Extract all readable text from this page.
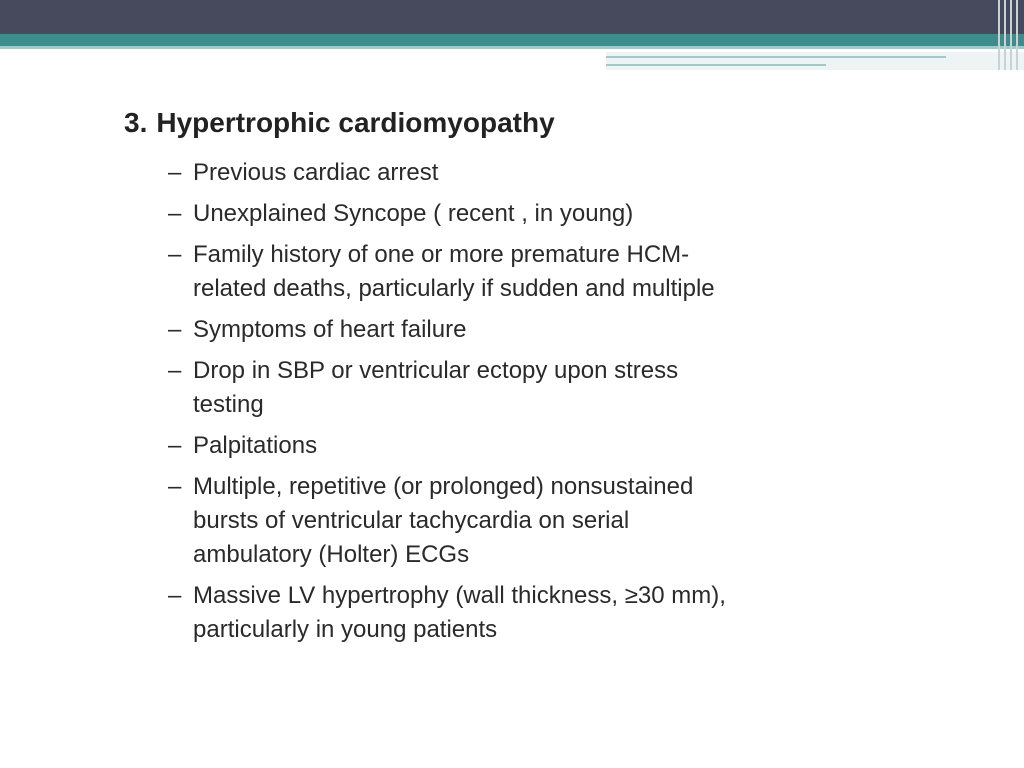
3. Hypertrophic cardiomyopathy
– Previous cardiac arrest
– Unexplained Syncope ( recent , in young)
– Family history of one or more premature HCM-
related deaths, particularly if sudden and multiple
– Symptoms of heart failure
– Drop in SBP or ventricular ectopy upon stress
testing
– Palpitations
– Multiple, repetitive (or prolonged) nonsustained
bursts of ventricular tachycardia on serial
ambulatory (Holter) ECGs
– Massive LV hypertrophy (wall thickness, ≥30 mm),
particularly in young patients
